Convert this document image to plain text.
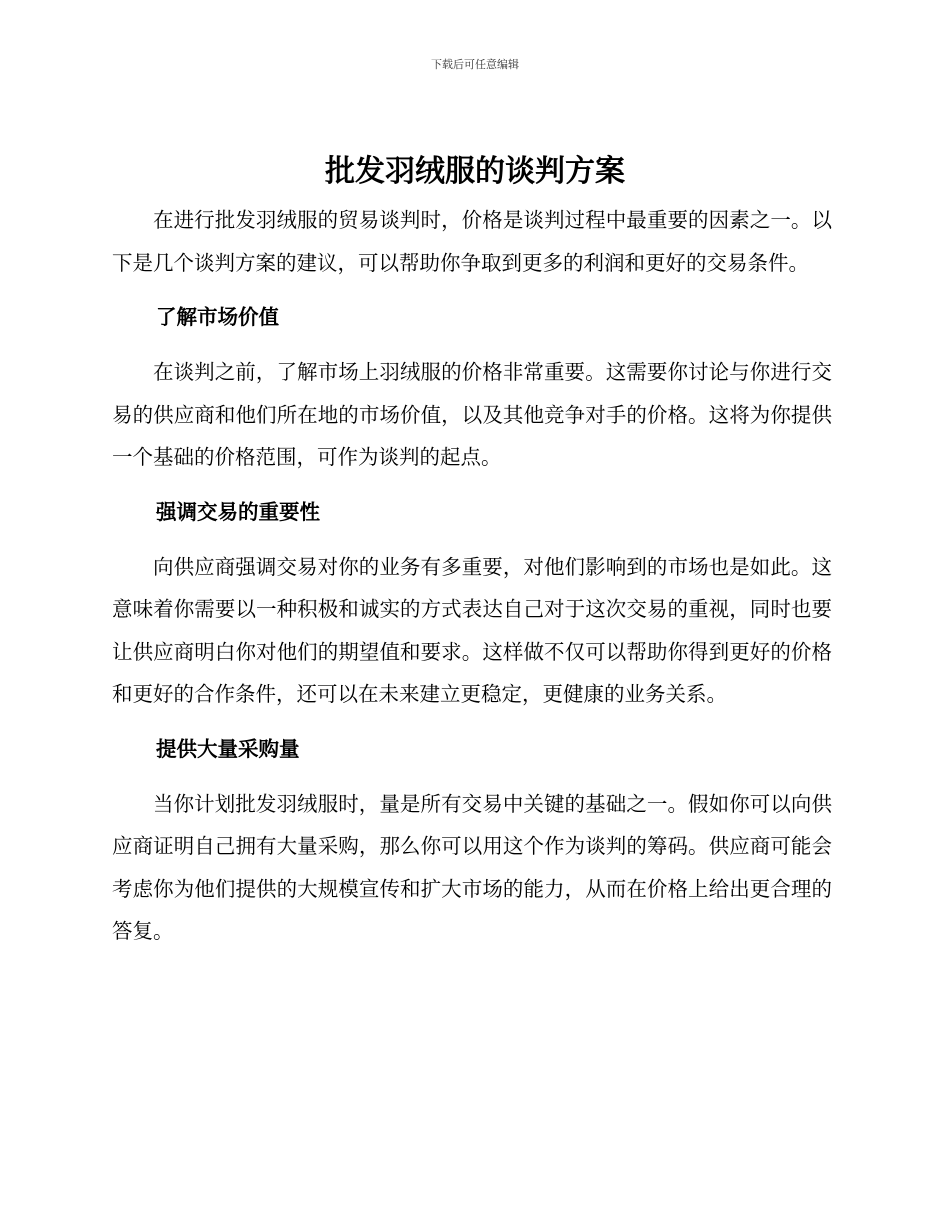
下载后可任意编辑
批发羽绒服的谈判方案

在进行批发羽绒服的贸易谈判时，价格是谈判过程中最重要的因素之一。以下是几个谈判方案的建议，可以帮助你争取到更多的利润和更好的交易条件。

了解市场价值

在谈判之前，了解市场上羽绒服的价格非常重要。这需要你讨论与你进行交易的供应商和他们所在地的市场价值，以及其他竞争对手的价格。这将为你提供一个基础的价格范围，可作为谈判的起点。

强调交易的重要性

向供应商强调交易对你的业务有多重要，对他们影响到的市场也是如此。这意味着你需要以一种积极和诚实的方式表达自己对于这次交易的重视，同时也要让供应商明白你对他们的期望值和要求。这样做不仅可以帮助你得到更好的价格和更好的合作条件，还可以在未来建立更稳定，更健康的业务关系。

提供大量采购量

当你计划批发羽绒服时，量是所有交易中关键的基础之一。假如你可以向供应商证明自己拥有大量采购，那么你可以用这个作为谈判的筹码。供应商可能会考虑你为他们提供的大规模宣传和扩大市场的能力，从而在价格上给出更合理的答复。
